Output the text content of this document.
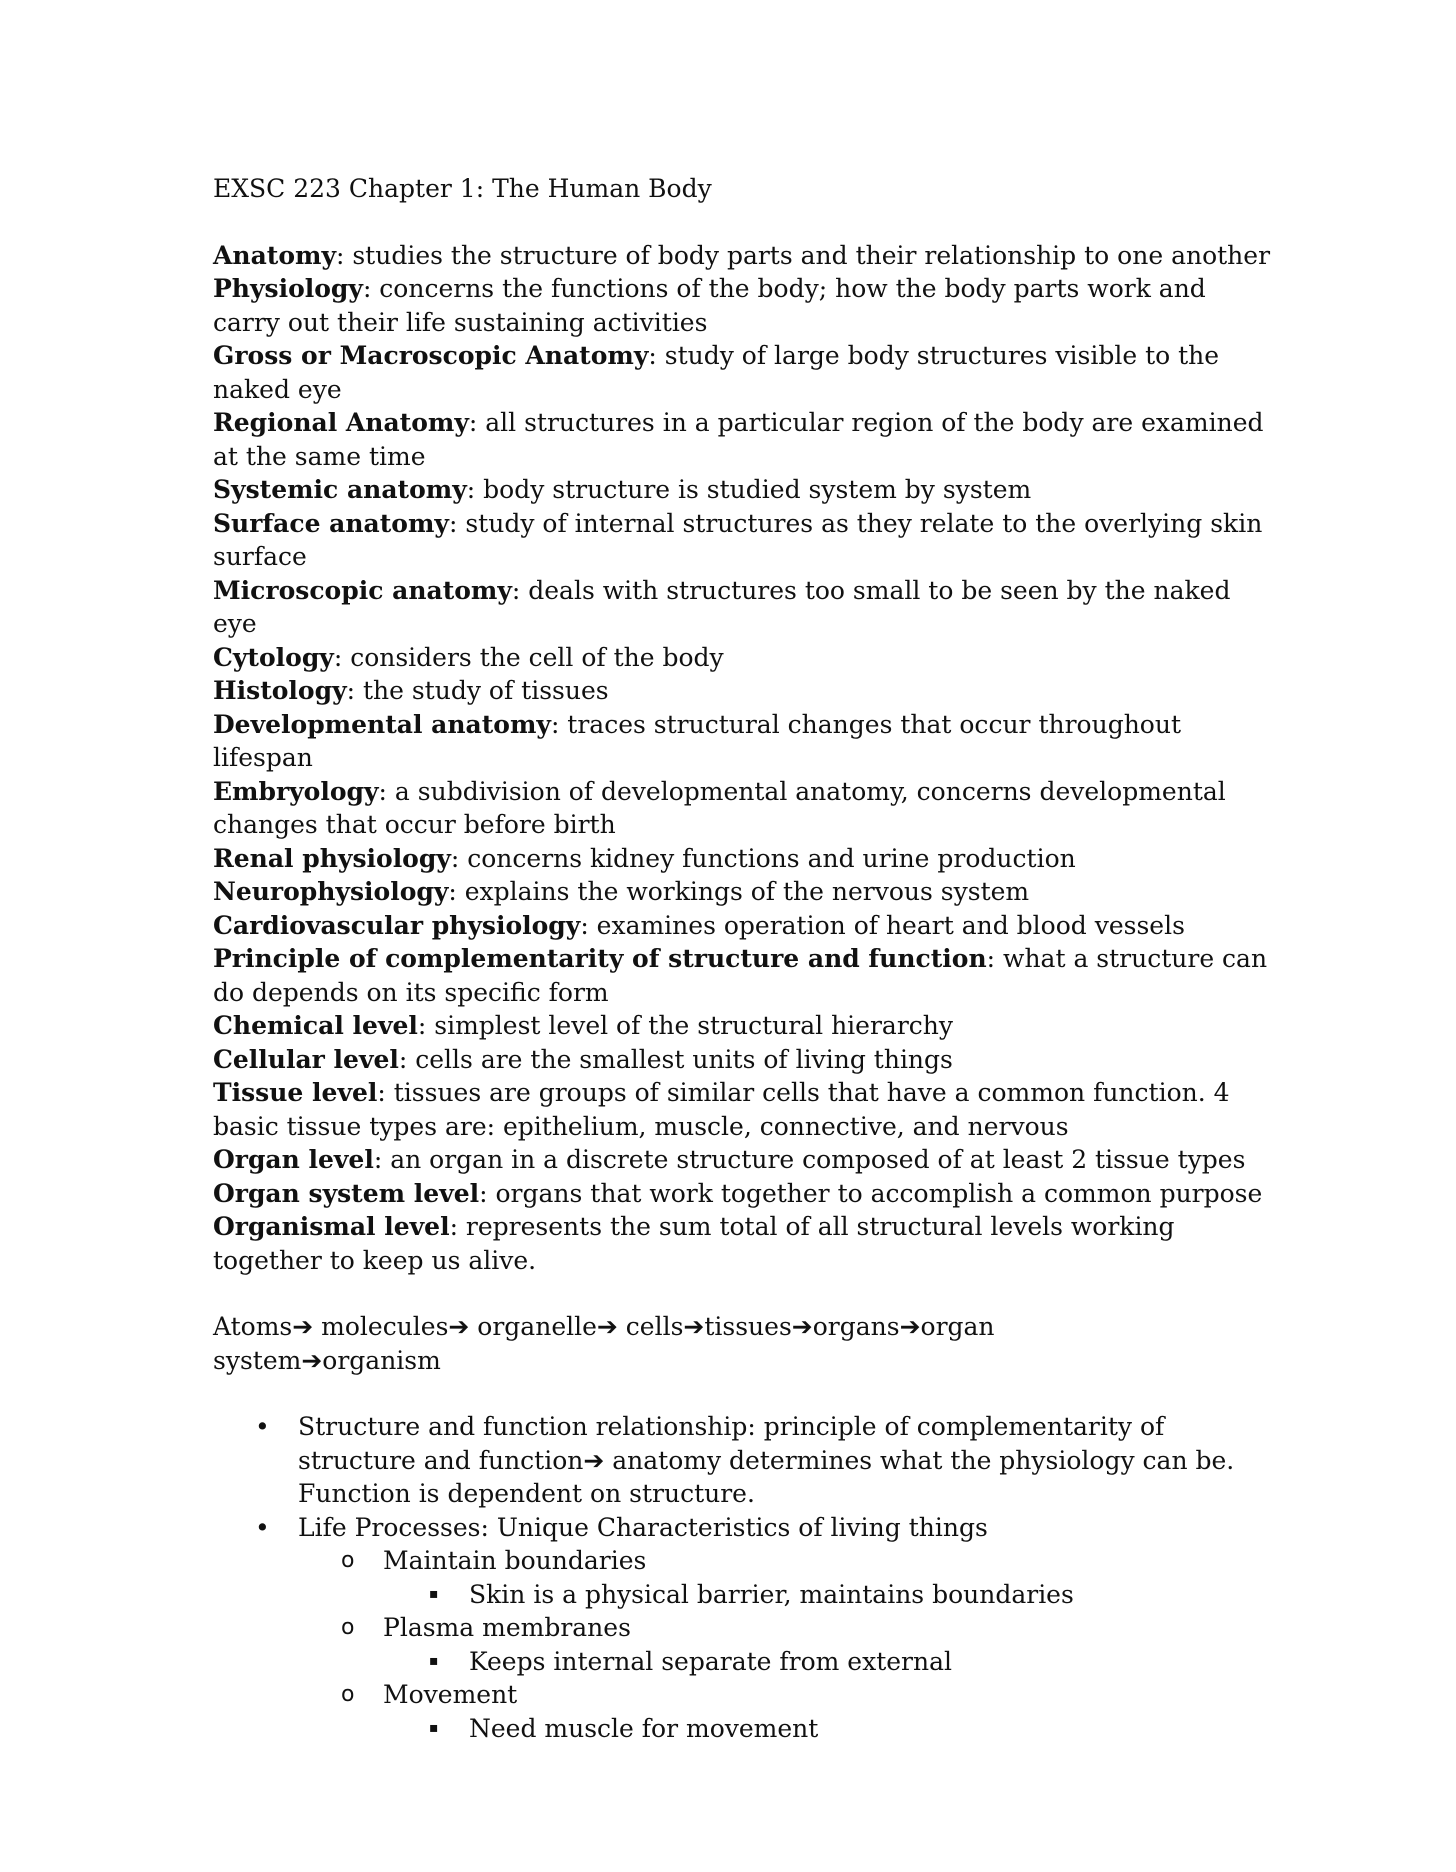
EXSC 223 Chapter 1: The Human Body

Anatomy: studies the structure of body parts and their relationship to one another

Physiology: concerns the functions of the body; how the body parts work and carry out their life sustaining activities

Gross or Macroscopic Anatomy: study of large body structures visible to the naked eye

Regional Anatomy: all structures in a particular region of the body are examined at the same time

Systemic anatomy: body structure is studied system by system

Surface anatomy: study of internal structures as they relate to the overlying skin surface

Microscopic anatomy: deals with structures too small to be seen by the naked eye

Cytology: considers the cell of the body

Histology: the study of tissues

Developmental anatomy: traces structural changes that occur throughout lifespan

Embryology: a subdivision of developmental anatomy, concerns developmental changes that occur before birth

Renal physiology: concerns kidney functions and urine production

Neurophysiology: explains the workings of the nervous system

Cardiovascular physiology: examines operation of heart and blood vessels

Principle of complementarity of structure and function: what a structure can do depends on its specific form

Chemical level: simplest level of the structural hierarchy

Cellular level: cells are the smallest units of living things

Tissue level: tissues are groups of similar cells that have a common function. 4 basic tissue types are: epithelium, muscle, connective, and nervous

Organ level: an organ in a discrete structure composed of at least 2 tissue types

Organ system level: organs that work together to accomplish a common purpose

Organismal level: represents the sum total of all structural levels working together to keep us alive.

Atoms➔ molecules➔ organelle➔ cells➔tissues➔organs➔organ system➔organism

• Structure and function relationship: principle of complementarity of structure and function➔ anatomy determines what the physiology can be. Function is dependent on structure.
• Life Processes: Unique Characteristics of living things
o Maintain boundaries
▪ Skin is a physical barrier, maintains boundaries
o Plasma membranes
▪ Keeps internal separate from external
o Movement
▪ Need muscle for movement
